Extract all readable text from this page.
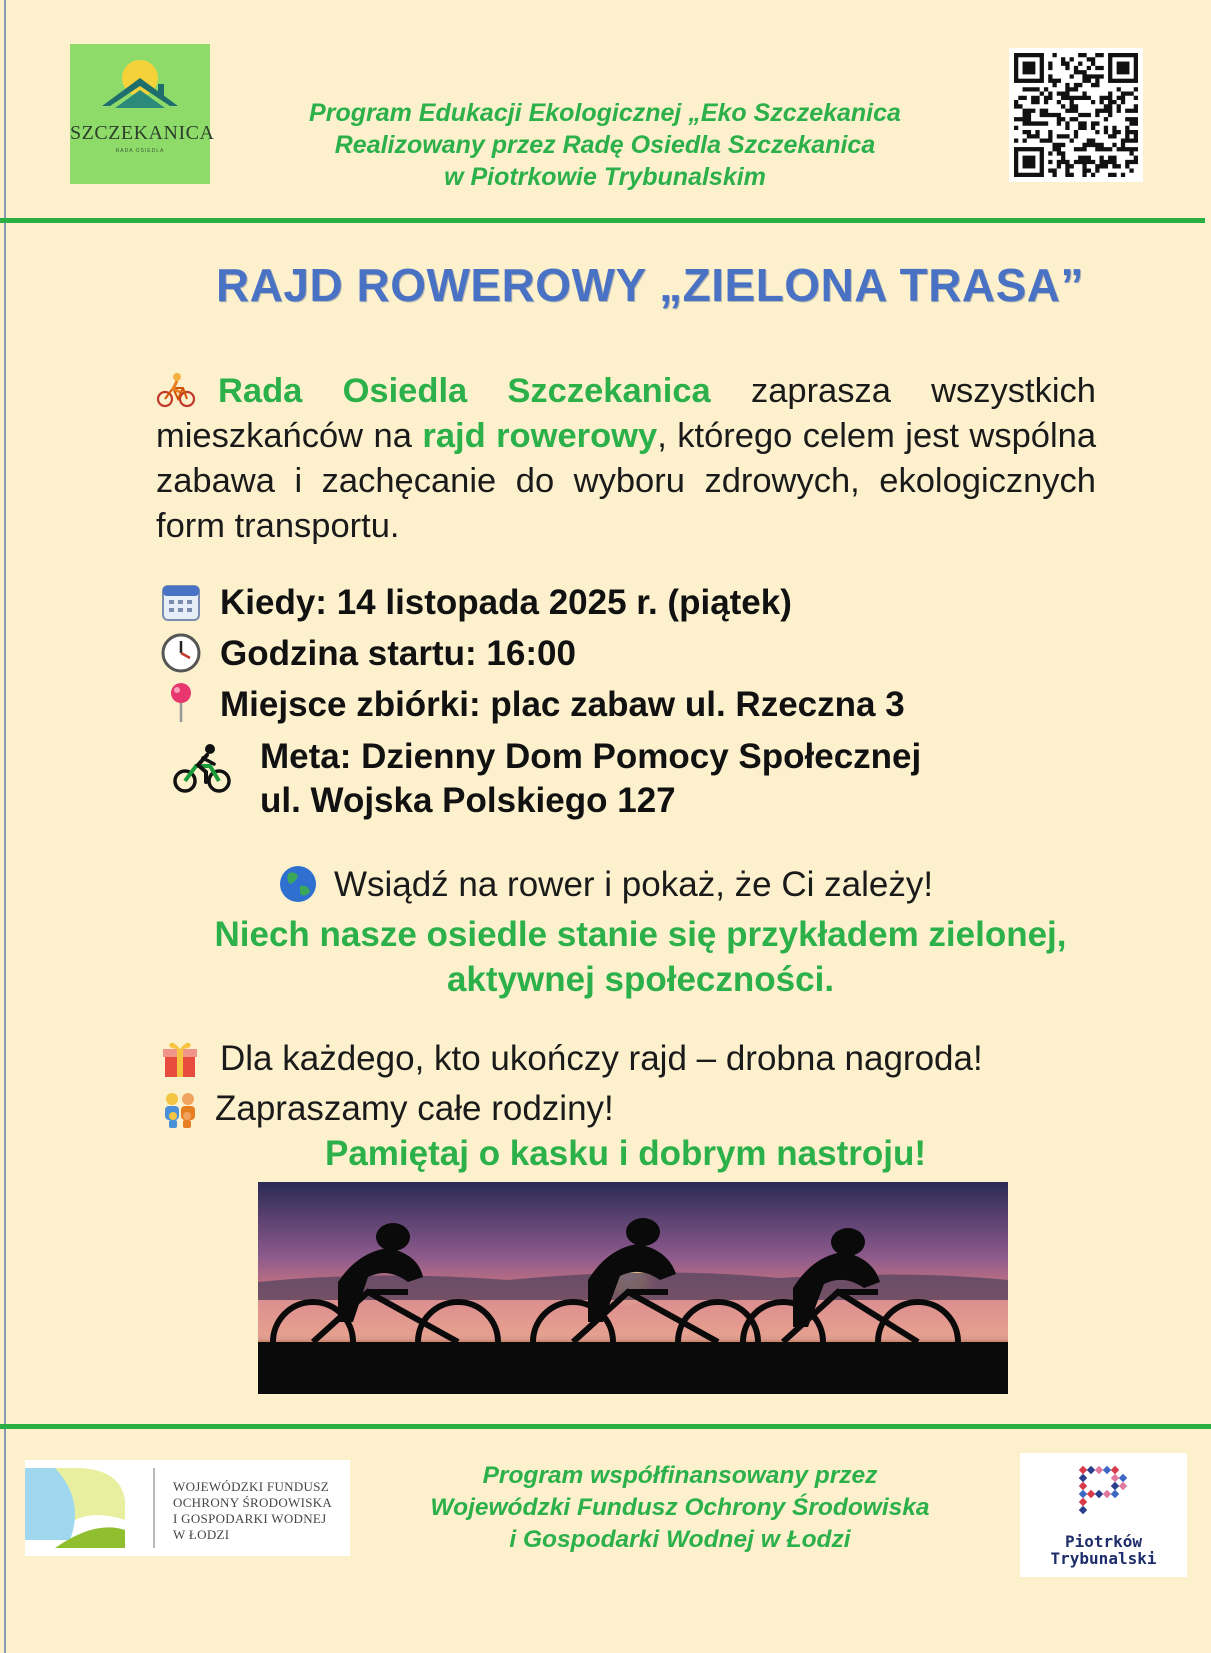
SZCZEKANICA
RADA OSIEDLA
Program Edukacji Ekologicznej „Eko Szczekanica
Realizowany przez Radę Osiedla Szczekanica
w Piotrkowie Trybunalskim
RAJD ROWEROWY „ZIELONA TRASA”
Rada Osiedla Szczekanica zaprasza wszystkich mieszkańców na rajd rowerowy, którego celem jest wspólna zabawa i zachęcanie do wyboru zdrowych, ekologicznych form transportu.
Kiedy: 14 listopada 2025 r. (piątek)
Godzina startu: 16:00
Miejsce zbiórki: plac zabaw ul. Rzeczna 3
Meta: Dzienny Dom Pomocy Społecznej
ul. Wojska Polskiego 127
Wsiądź na rower i pokaż, że Ci zależy!
Niech nasze osiedle stanie się przykładem zielonej,
aktywnej społeczności.
Dla każdego, kto ukończy rajd – drobna nagroda!
Zapraszamy całe rodziny!
Pamiętaj o kasku i dobrym nastroju!
WOJEWÓDZKI FUNDUSZ
OCHRONY ŚRODOWISKA
I GOSPODARKI WODNEJ
W ŁODZI
Program współfinansowany przez
Wojewódzki Fundusz Ochrony Środowiska
i Gospodarki Wodnej w Łodzi	Piotrków
Trybunalski
